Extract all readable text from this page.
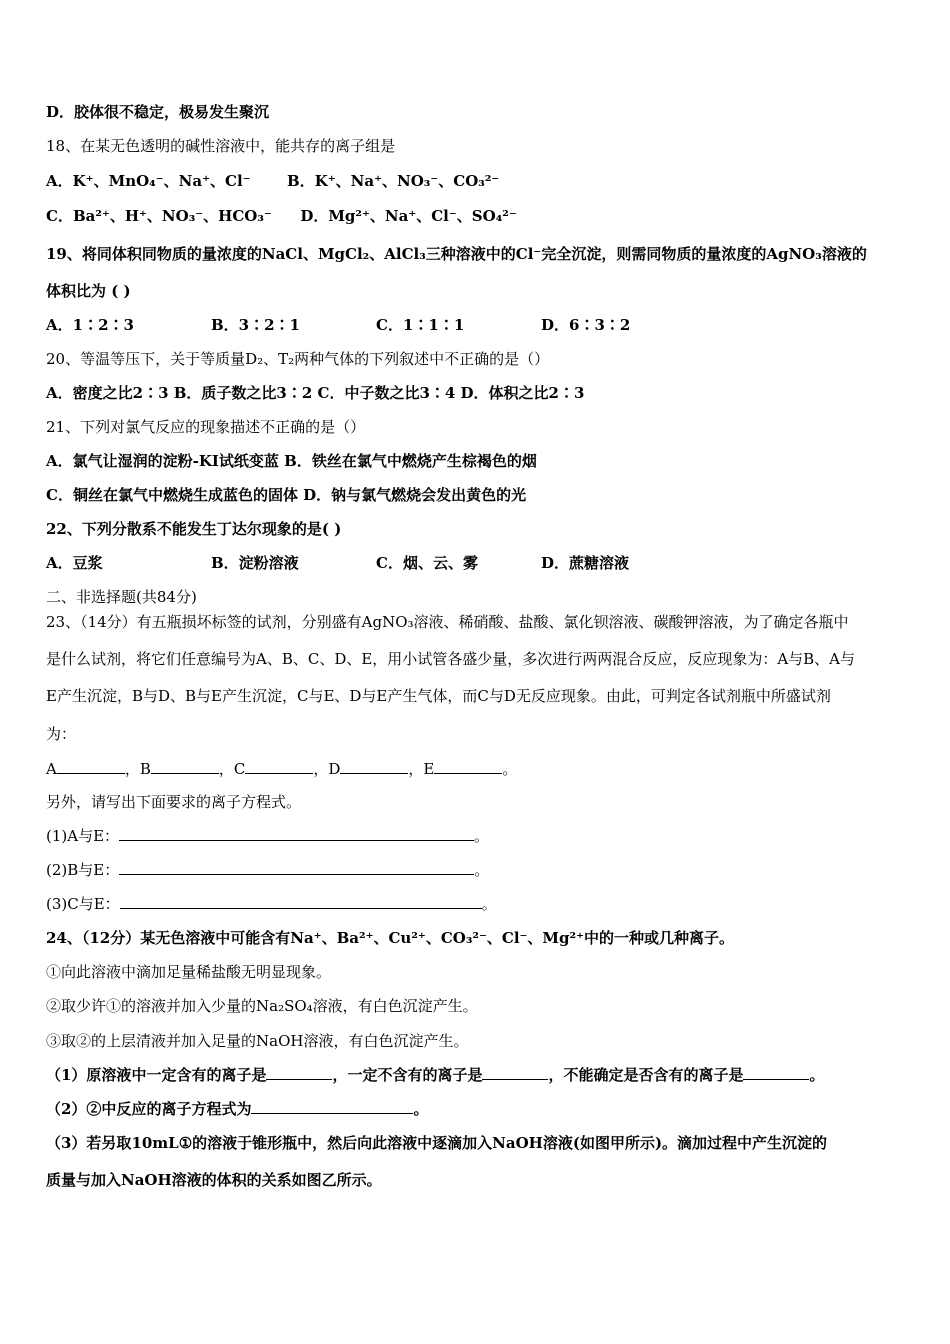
D．胶体很不稳定，极易发生聚沉
18、在某无色透明的碱性溶液中，能共存的离子组是
A．K⁺、MnO₄⁻、Na⁺、Cl⁻ B．K⁺、Na⁺、NO₃⁻、CO₃²⁻
C．Ba²⁺、H⁺、NO₃⁻、HCO₃⁻ D．Mg²⁺、Na⁺、Cl⁻、SO₄²⁻
19、将同体积同物质的量浓度的NaCl、MgCl₂、AlCl₃三种溶液中的Cl⁻完全沉淀，则需同物质的量浓度的AgNO₃溶液的
体积比为 ( )
A．1∶2∶3	B．3∶2∶1	C．1∶1∶1	D．6∶3∶2
20、等温等压下，关于等质量D₂、T₂两种气体的下列叙述中不正确的是（）
A．密度之比2∶3 B．质子数之比3∶2 C．中子数之比3∶4 D．体积之比2∶3
21、下列对氯气反应的现象描述不正确的是（）
A．氯气让湿润的淀粉-KI试纸变蓝 B．铁丝在氯气中燃烧产生棕褐色的烟
C．铜丝在氯气中燃烧生成蓝色的固体 D．钠与氯气燃烧会发出黄色的光
22、下列分散系不能发生丁达尔现象的是( )
A．豆浆	B．淀粉溶液	C．烟、云、雾	D．蔗糖溶液
二、非选择题(共84分)
23、（14分）有五瓶损坏标签的试剂，分别盛有AgNO₃溶液、稀硝酸、盐酸、氯化钡溶液、碳酸钾溶液，为了确定各瓶中
是什么试剂，将它们任意编号为A、B、C、D、E，用小试管各盛少量，多次进行两两混合反应，反应现象为：A与B、A与
E产生沉淀，B与D、B与E产生沉淀，C与E、D与E产生气体，而C与D无反应现象。由此，可判定各试剂瓶中所盛试剂
为：
A	，B	，C	，D	，E	。
另外，请写出下面要求的离子方程式。
(1)A与E：	。
(2)B与E：	。
(3)C与E：	。
24、（12分）某无色溶液中可能含有Na⁺、Ba²⁺、Cu²⁺、CO₃²⁻、Cl⁻、Mg²⁺中的一种或几种离子。
①向此溶液中滴加足量稀盐酸无明显现象。
②取少许①的溶液并加入少量的Na₂SO₄溶液，有白色沉淀产生。
③取②的上层清液并加入足量的NaOH溶液，有白色沉淀产生。
（1）原溶液中一定含有的离子是	，一定不含有的离子是	，不能确定是否含有的离子是	。
（2）②中反应的离子方程式为	。
（3）若另取10mL①的溶液于锥形瓶中，然后向此溶液中逐滴加入NaOH溶液(如图甲所示)。滴加过程中产生沉淀的
质量与加入NaOH溶液的体积的关系如图乙所示。
